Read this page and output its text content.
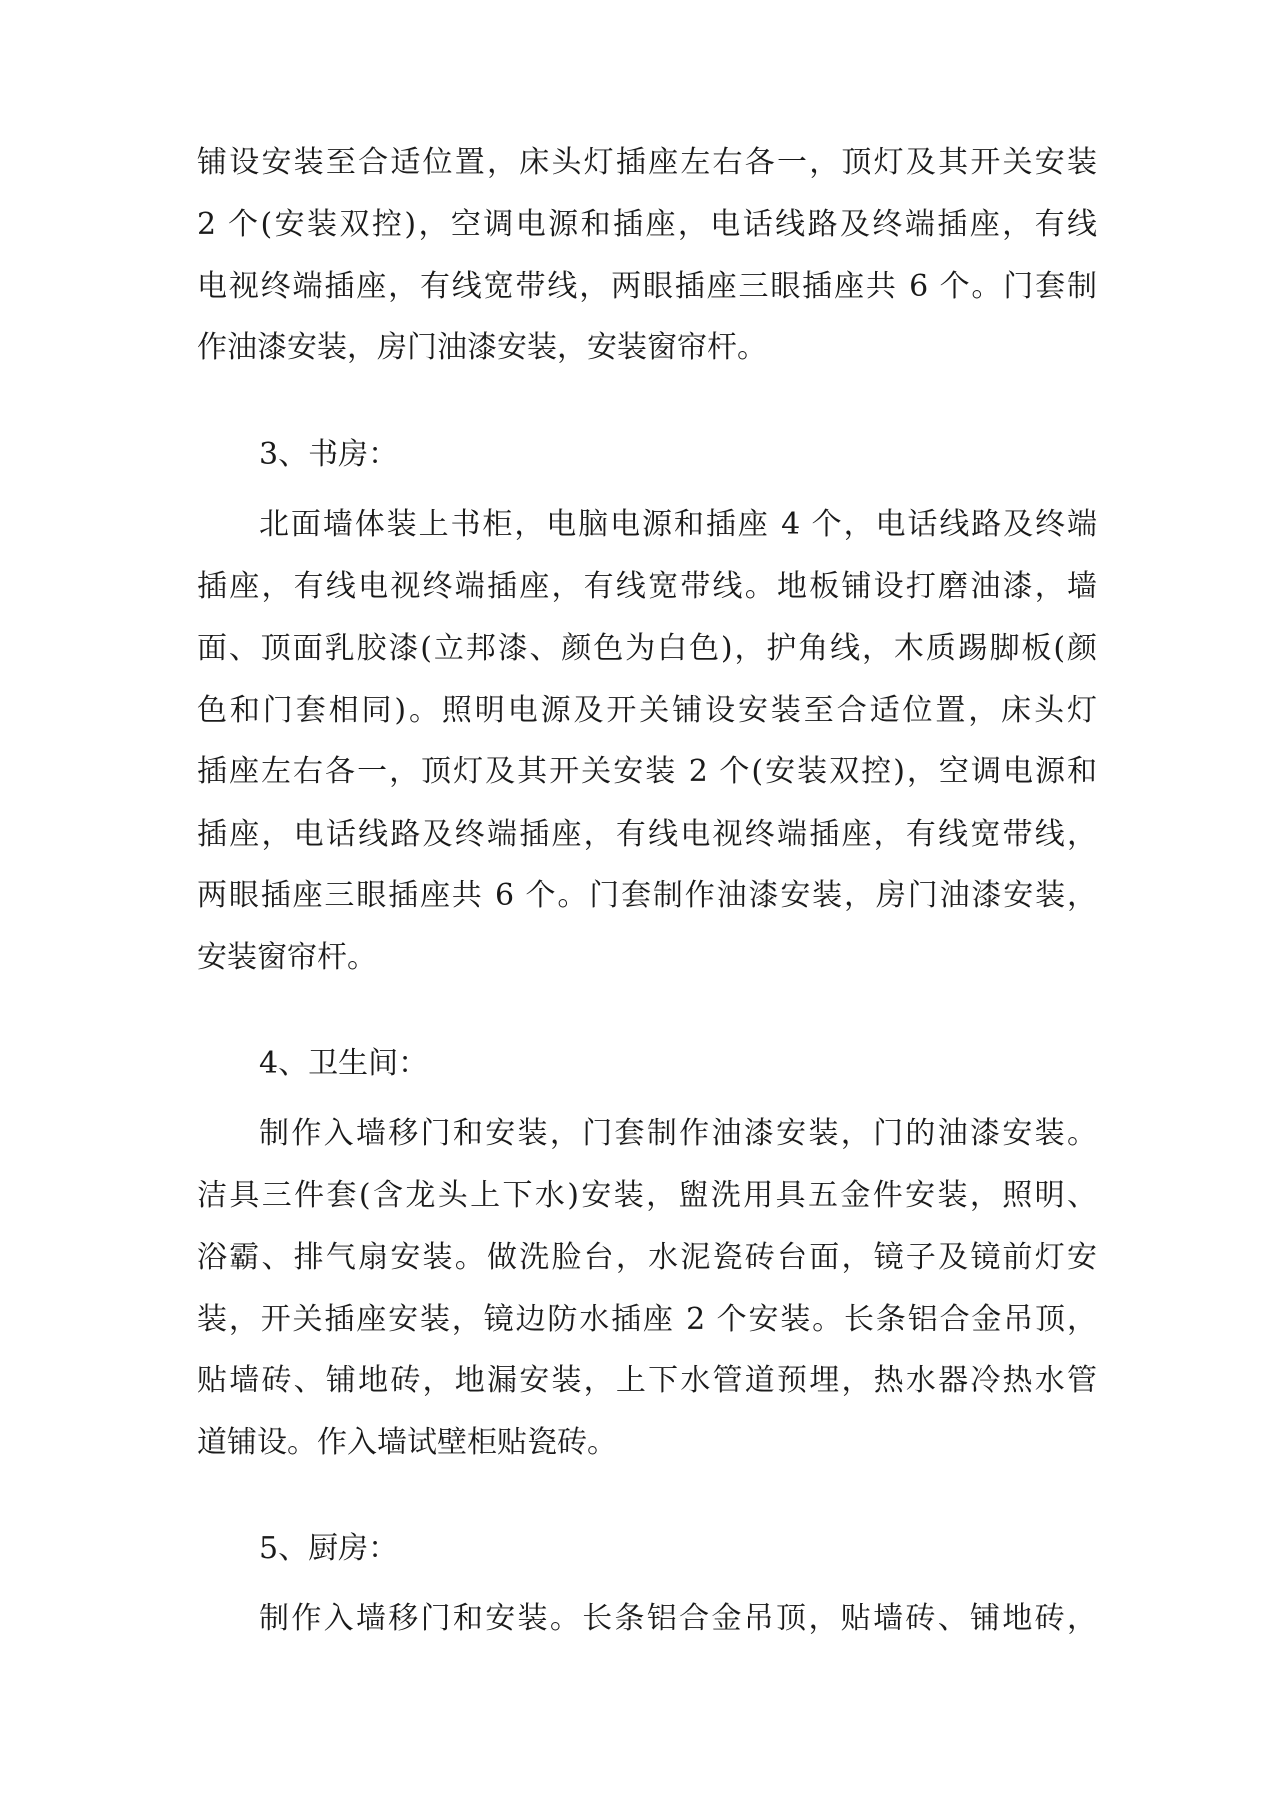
铺设安装至合适位置，床头灯插座左右各一，顶灯及其开关安装
2 个(安装双控)，空调电源和插座，电话线路及终端插座，有线
电视终端插座，有线宽带线，两眼插座三眼插座共 6 个。门套制
作油漆安装，房门油漆安装，安装窗帘杆。
3、书房：
北面墙体装上书柜，电脑电源和插座 4 个，电话线路及终端
插座，有线电视终端插座，有线宽带线。地板铺设打磨油漆，墙
面、顶面乳胶漆(立邦漆、颜色为白色)，护角线，木质踢脚板(颜
色和门套相同)。照明电源及开关铺设安装至合适位置，床头灯
插座左右各一，顶灯及其开关安装 2 个(安装双控)，空调电源和
插座，电话线路及终端插座，有线电视终端插座，有线宽带线，
两眼插座三眼插座共 6 个。门套制作油漆安装，房门油漆安装，
安装窗帘杆。
4、卫生间：
制作入墙移门和安装，门套制作油漆安装，门的油漆安装。
洁具三件套(含龙头上下水)安装，盥洗用具五金件安装，照明、
浴霸、排气扇安装。做洗脸台，水泥瓷砖台面，镜子及镜前灯安
装，开关插座安装，镜边防水插座 2 个安装。长条铝合金吊顶，
贴墙砖、铺地砖，地漏安装，上下水管道预埋，热水器冷热水管
道铺设。作入墙试壁柜贴瓷砖。
5、厨房：
制作入墙移门和安装。长条铝合金吊顶，贴墙砖、铺地砖，
